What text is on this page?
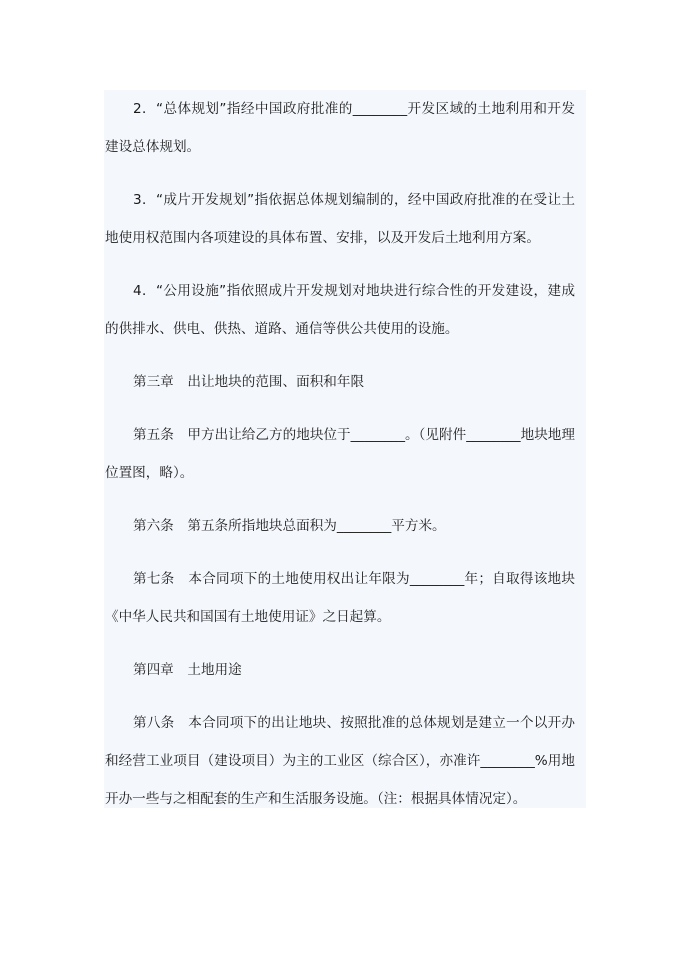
2．“总体规划”指经中国政府批准的________开发区域的土地利用和开发建设总体规划。

3．“成片开发规划”指依据总体规划编制的，经中国政府批准的在受让土地使用权范围内各项建设的具体布置、安排，以及开发后土地利用方案。

4．“公用设施”指依照成片开发规划对地块进行综合性的开发建设，建成的供排水、供电、供热、道路、通信等供公共使用的设施。

第三章　出让地块的范围、面积和年限

第五条　甲方出让给乙方的地块位于________。（见附件________地块地理位置图，略）。

第六条　第五条所指地块总面积为________平方米。

第七条　本合同项下的土地使用权出让年限为________年；自取得该地块《中华人民共和国国有土地使用证》之日起算。

第四章　土地用途

第八条　本合同项下的出让地块、按照批准的总体规划是建立一个以开办和经营工业项目（建设项目）为主的工业区（综合区），亦准许________%用地开办一些与之相配套的生产和生活服务设施。（注：根据具体情况定）。
